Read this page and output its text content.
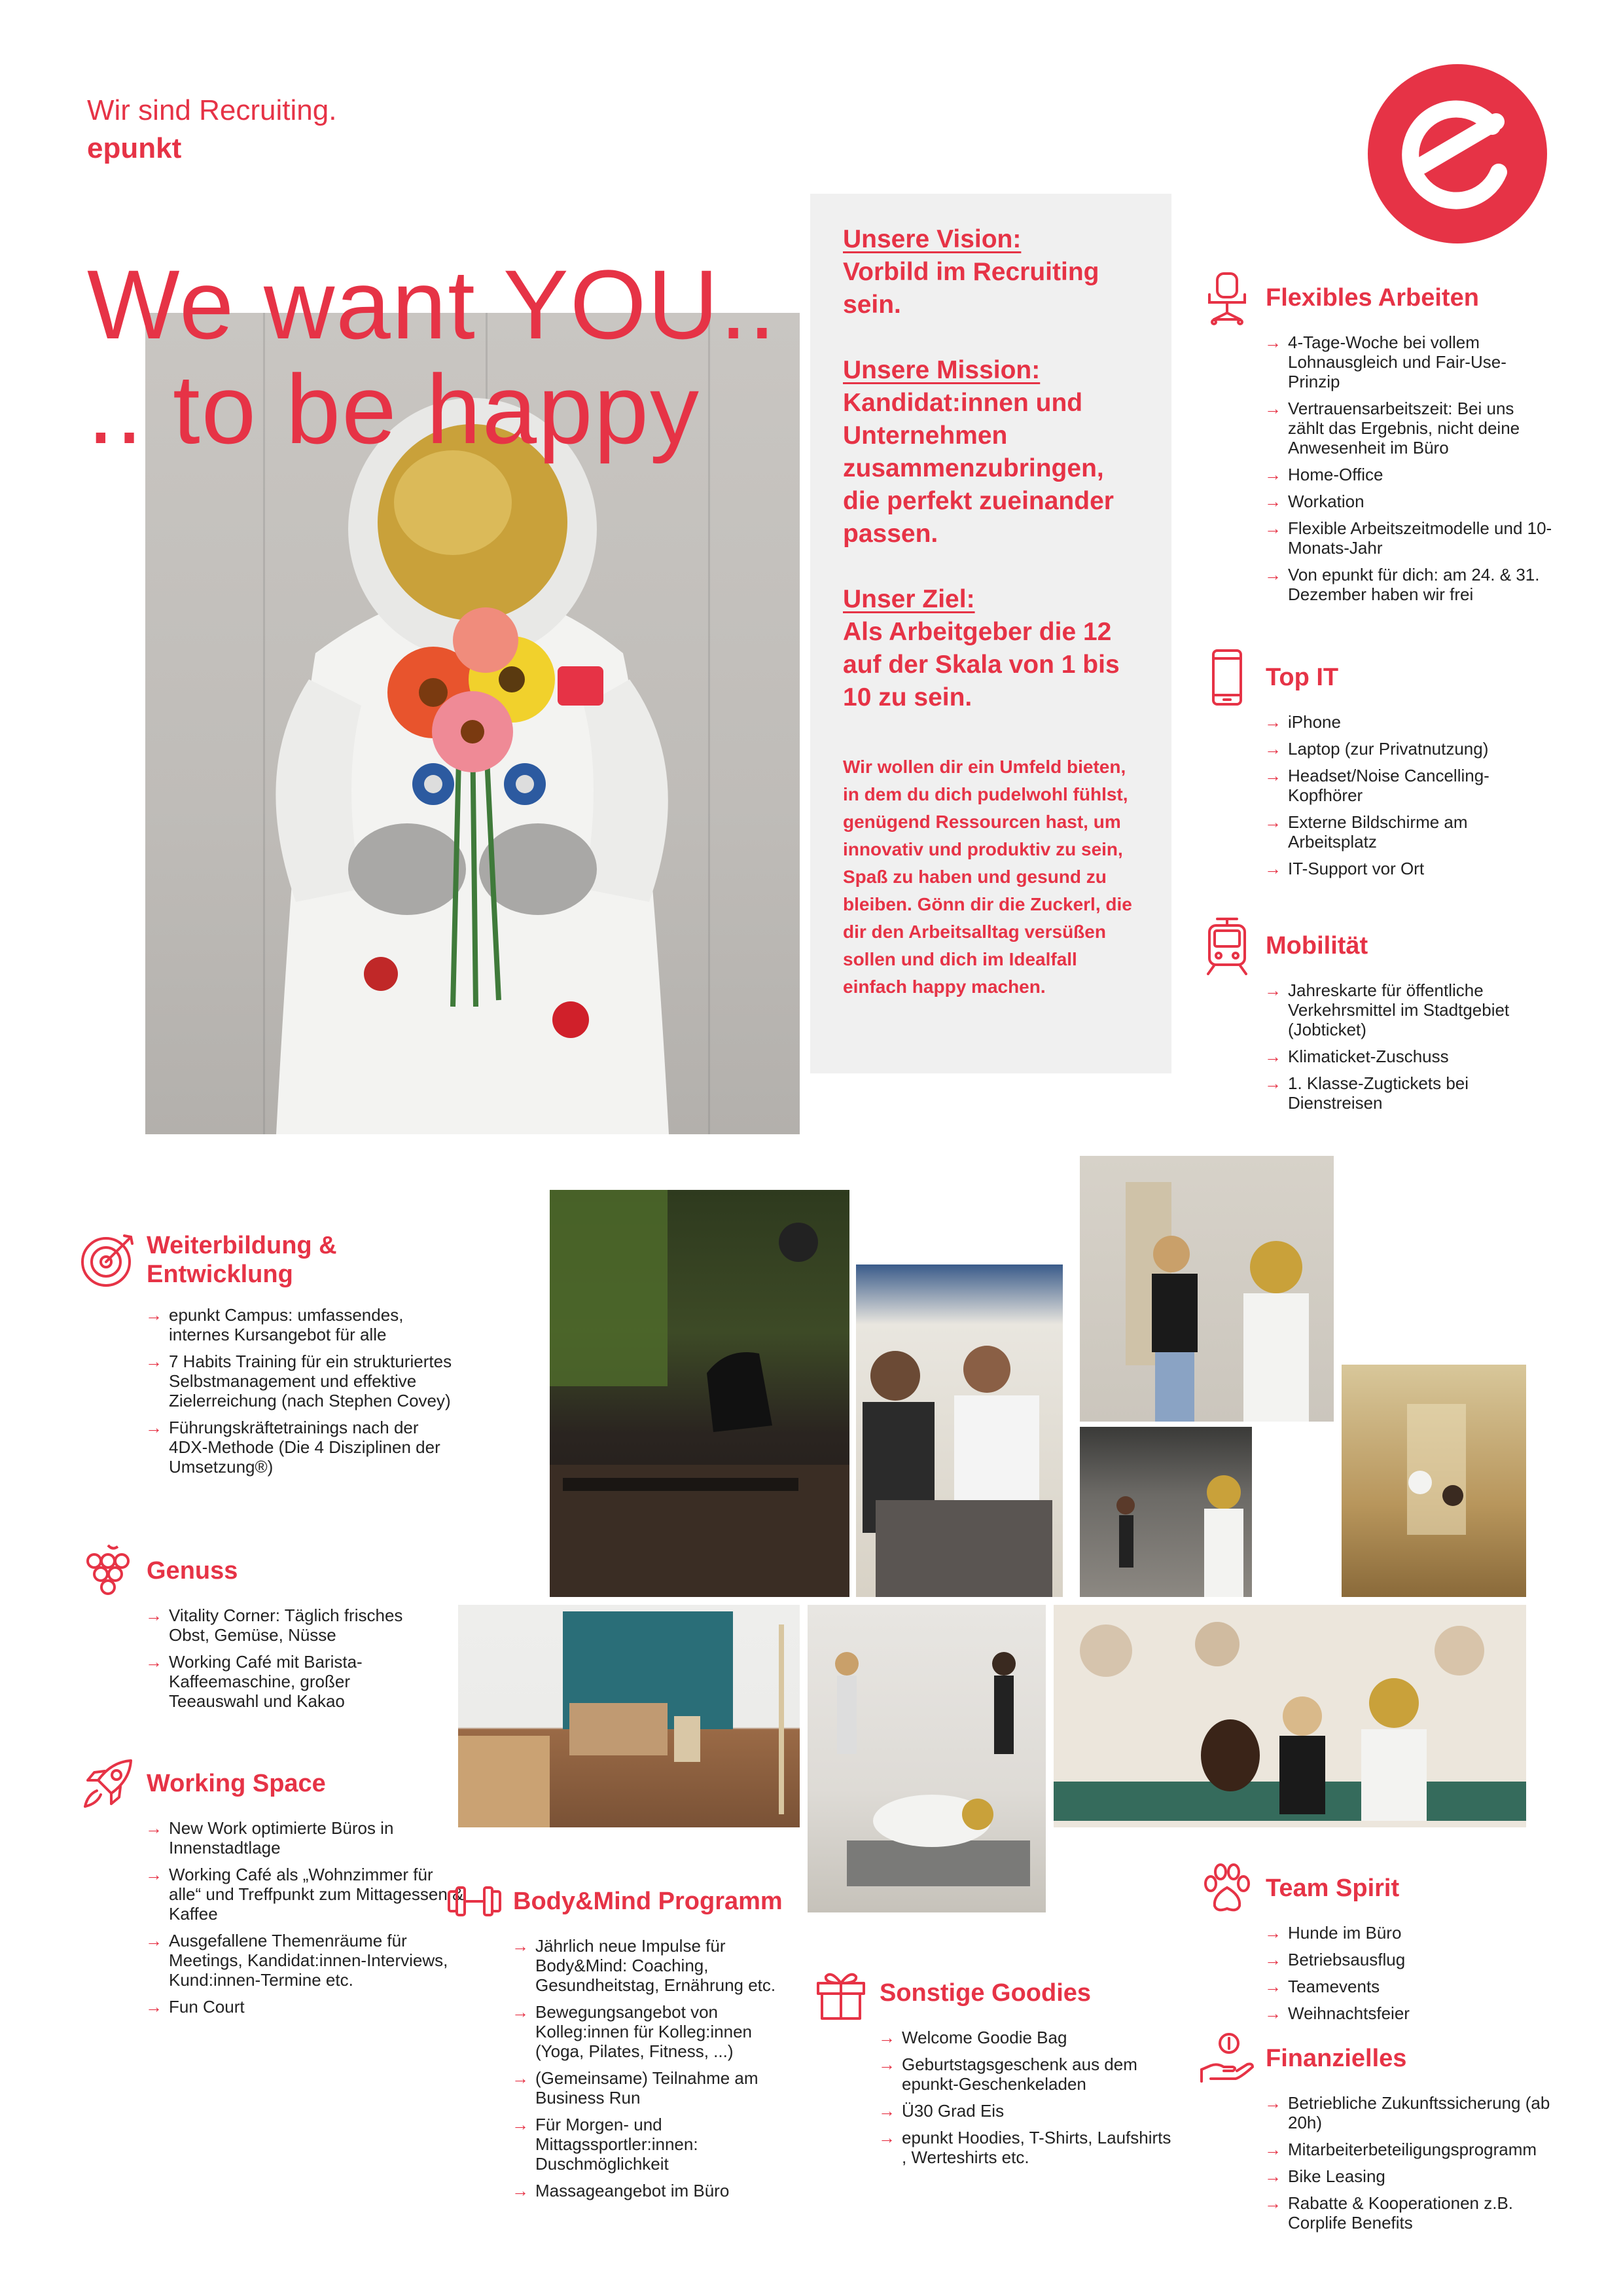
Wir sind Recruiting.
epunkt
We want YOU..
.. to be happy
Unsere Vision:
Vorbild im Recruiting sein.
Unsere Mission:
Kandidat:innen und Unternehmen zusammenzubringen, die perfekt zueinander passen.
Unser Ziel:
Als Arbeitgeber die 12 auf der Skala von 1 bis 10 zu sein.
Wir wollen dir ein Umfeld bieten, in dem du dich pudelwohl fühlst, genügend Ressourcen hast, um innovativ und produktiv zu sein, Spaß zu haben und gesund zu bleiben. Gönn dir die Zuckerl, die dir den Arbeitsalltag versüßen sollen und dich im Idealfall einfach happy machen.
Flexibles Arbeiten
→ 4-Tage-Woche bei vollem Lohnausgleich und Fair-Use-Prinzip
→ Vertrauensarbeitszeit: Bei uns zählt das Ergebnis, nicht deine Anwesenheit im Büro
→ Home-Office
→ Workation
→ Flexible Arbeitszeitmodelle und 10-Monats-Jahr
→ Von epunkt für dich: am 24. & 31. Dezember haben wir frei
Top IT
→ iPhone
→ Laptop (zur Privatnutzung)
→ Headset/Noise Cancelling-Kopfhörer
→ Externe Bildschirme am Arbeitsplatz
→ IT-Support vor Ort
Mobilität
→ Jahreskarte für öffentliche Verkehrsmittel im Stadtgebiet (Jobticket)
→ Klimaticket-Zuschuss
→ 1. Klasse-Zugtickets bei Dienstreisen
Weiterbildung & Entwicklung
→ epunkt Campus: umfassendes, internes Kursangebot für alle
→ 7 Habits Training für ein strukturiertes Selbstmanagement und effektive Zielerreichung (nach Stephen Covey)
→ Führungskräftetrainings nach der 4DX-Methode (Die 4 Disziplinen der Umsetzung®)
Genuss
→ Vitality Corner: Täglich frisches Obst, Gemüse, Nüsse
→ Working Café mit Barista-Kaffeemaschine, großer Teeauswahl und Kakao
Working Space
→ New Work optimierte Büros in Innenstadtlage
→ Working Café als „Wohnzimmer für alle“ und Treffpunkt zum Mittagessen & Kaffee
→ Ausgefallene Themenräume für Meetings, Kandidat:innen-Interviews, Kund:innen-Termine etc.
→ Fun Court
Body&Mind Programm
→ Jährlich neue Impulse für Body&Mind: Coaching, Gesundheitstag, Ernährung etc.
→ Bewegungsangebot von Kolleg:innen für Kolleg:innen (Yoga, Pilates, Fitness, ...)
→ (Gemeinsame) Teilnahme am Business Run
→ Für Morgen- und Mittagssportler:innen: Duschmöglichkeit
→ Massageangebot im Büro
Sonstige Goodies
→ Welcome Goodie Bag
→ Geburtstagsgeschenk aus dem epunkt-Geschenkeladen
→ Ü30 Grad Eis
→ epunkt Hoodies, T-Shirts, Laufshirts , Werteshirts etc.
Team Spirit
→ Hunde im Büro
→ Betriebsausflug
→ Teamevents
→ Weihnachtsfeier
Finanzielles
→ Betriebliche Zukunftssicherung (ab 20h)
→ Mitarbeiterbeteiligungsprogramm
→ Bike Leasing
→ Rabatte & Kooperationen z.B. Corplife Benefits
